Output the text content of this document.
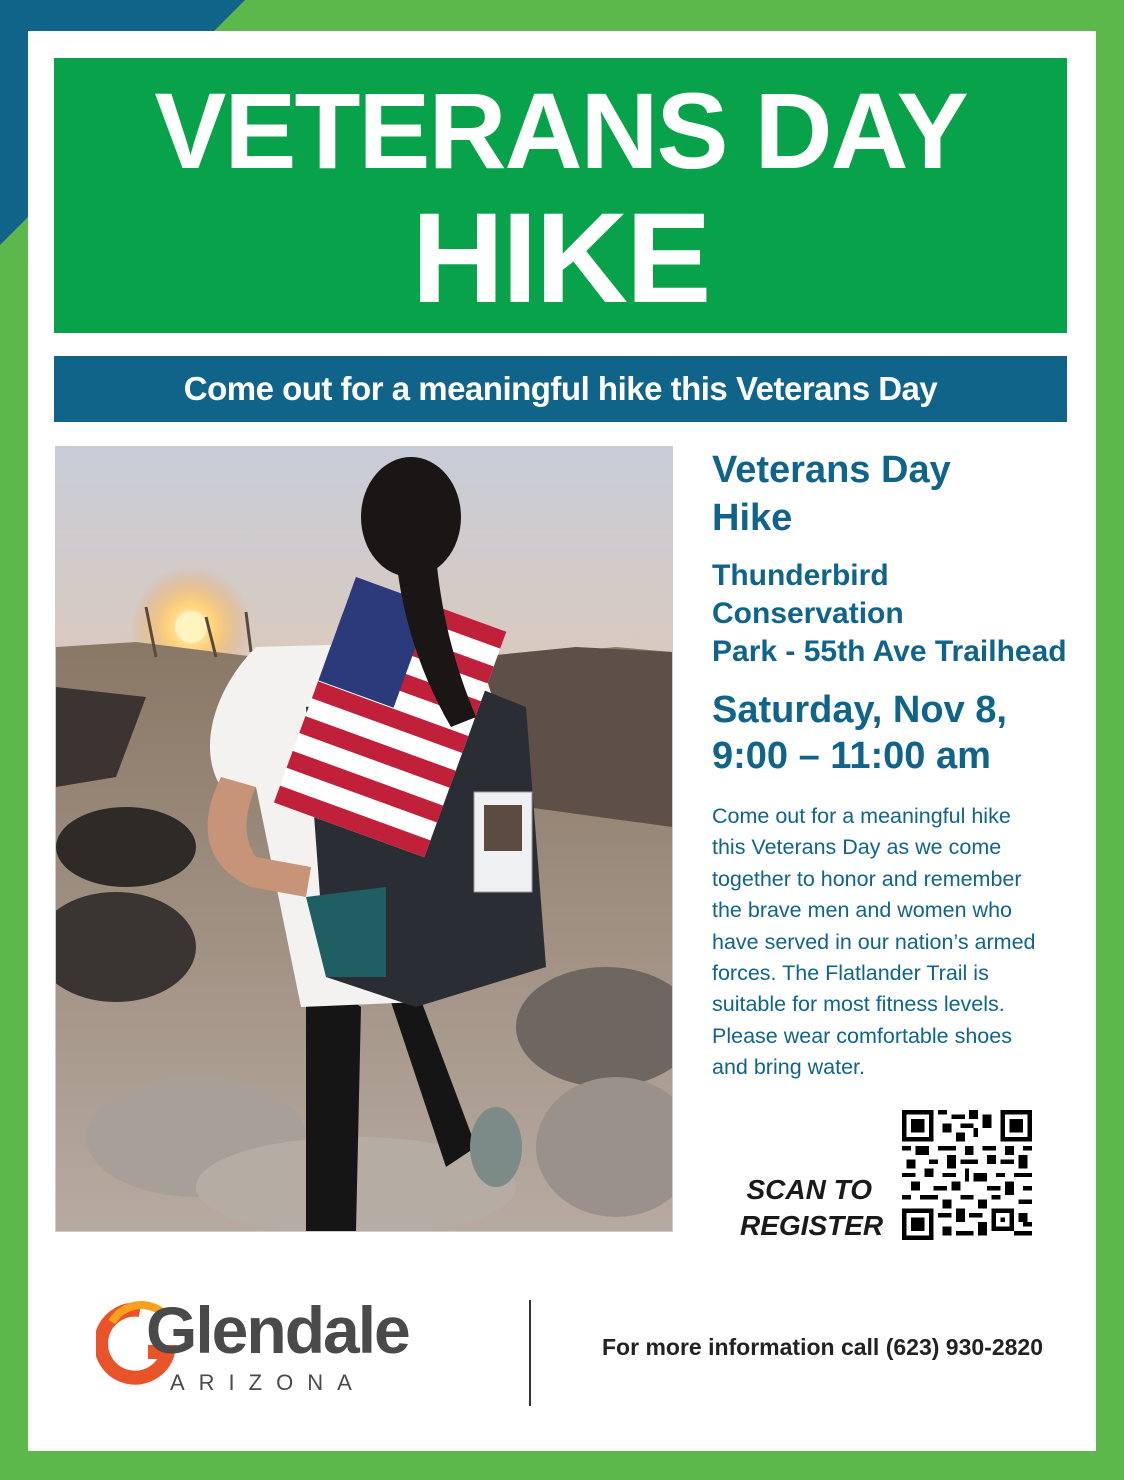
VETERANS DAY
HIKE
Come out for a meaningful hike this Veterans Day
Veterans Day
Hike
Thunderbird Conservation
Park - 55th Ave Trailhead
Saturday, Nov 8,
9:00 – 11:00 am
Come out for a meaningful hike this Veterans Day as we come together to honor and remember the brave men and women who have served in our nation’s armed forces. The Flatlander Trail is suitable for most fitness levels. Please wear comfortable shoes and bring water.
SCAN TO
REGISTER
Glendale
ARIZONA
For more information call (623) 930-2820
